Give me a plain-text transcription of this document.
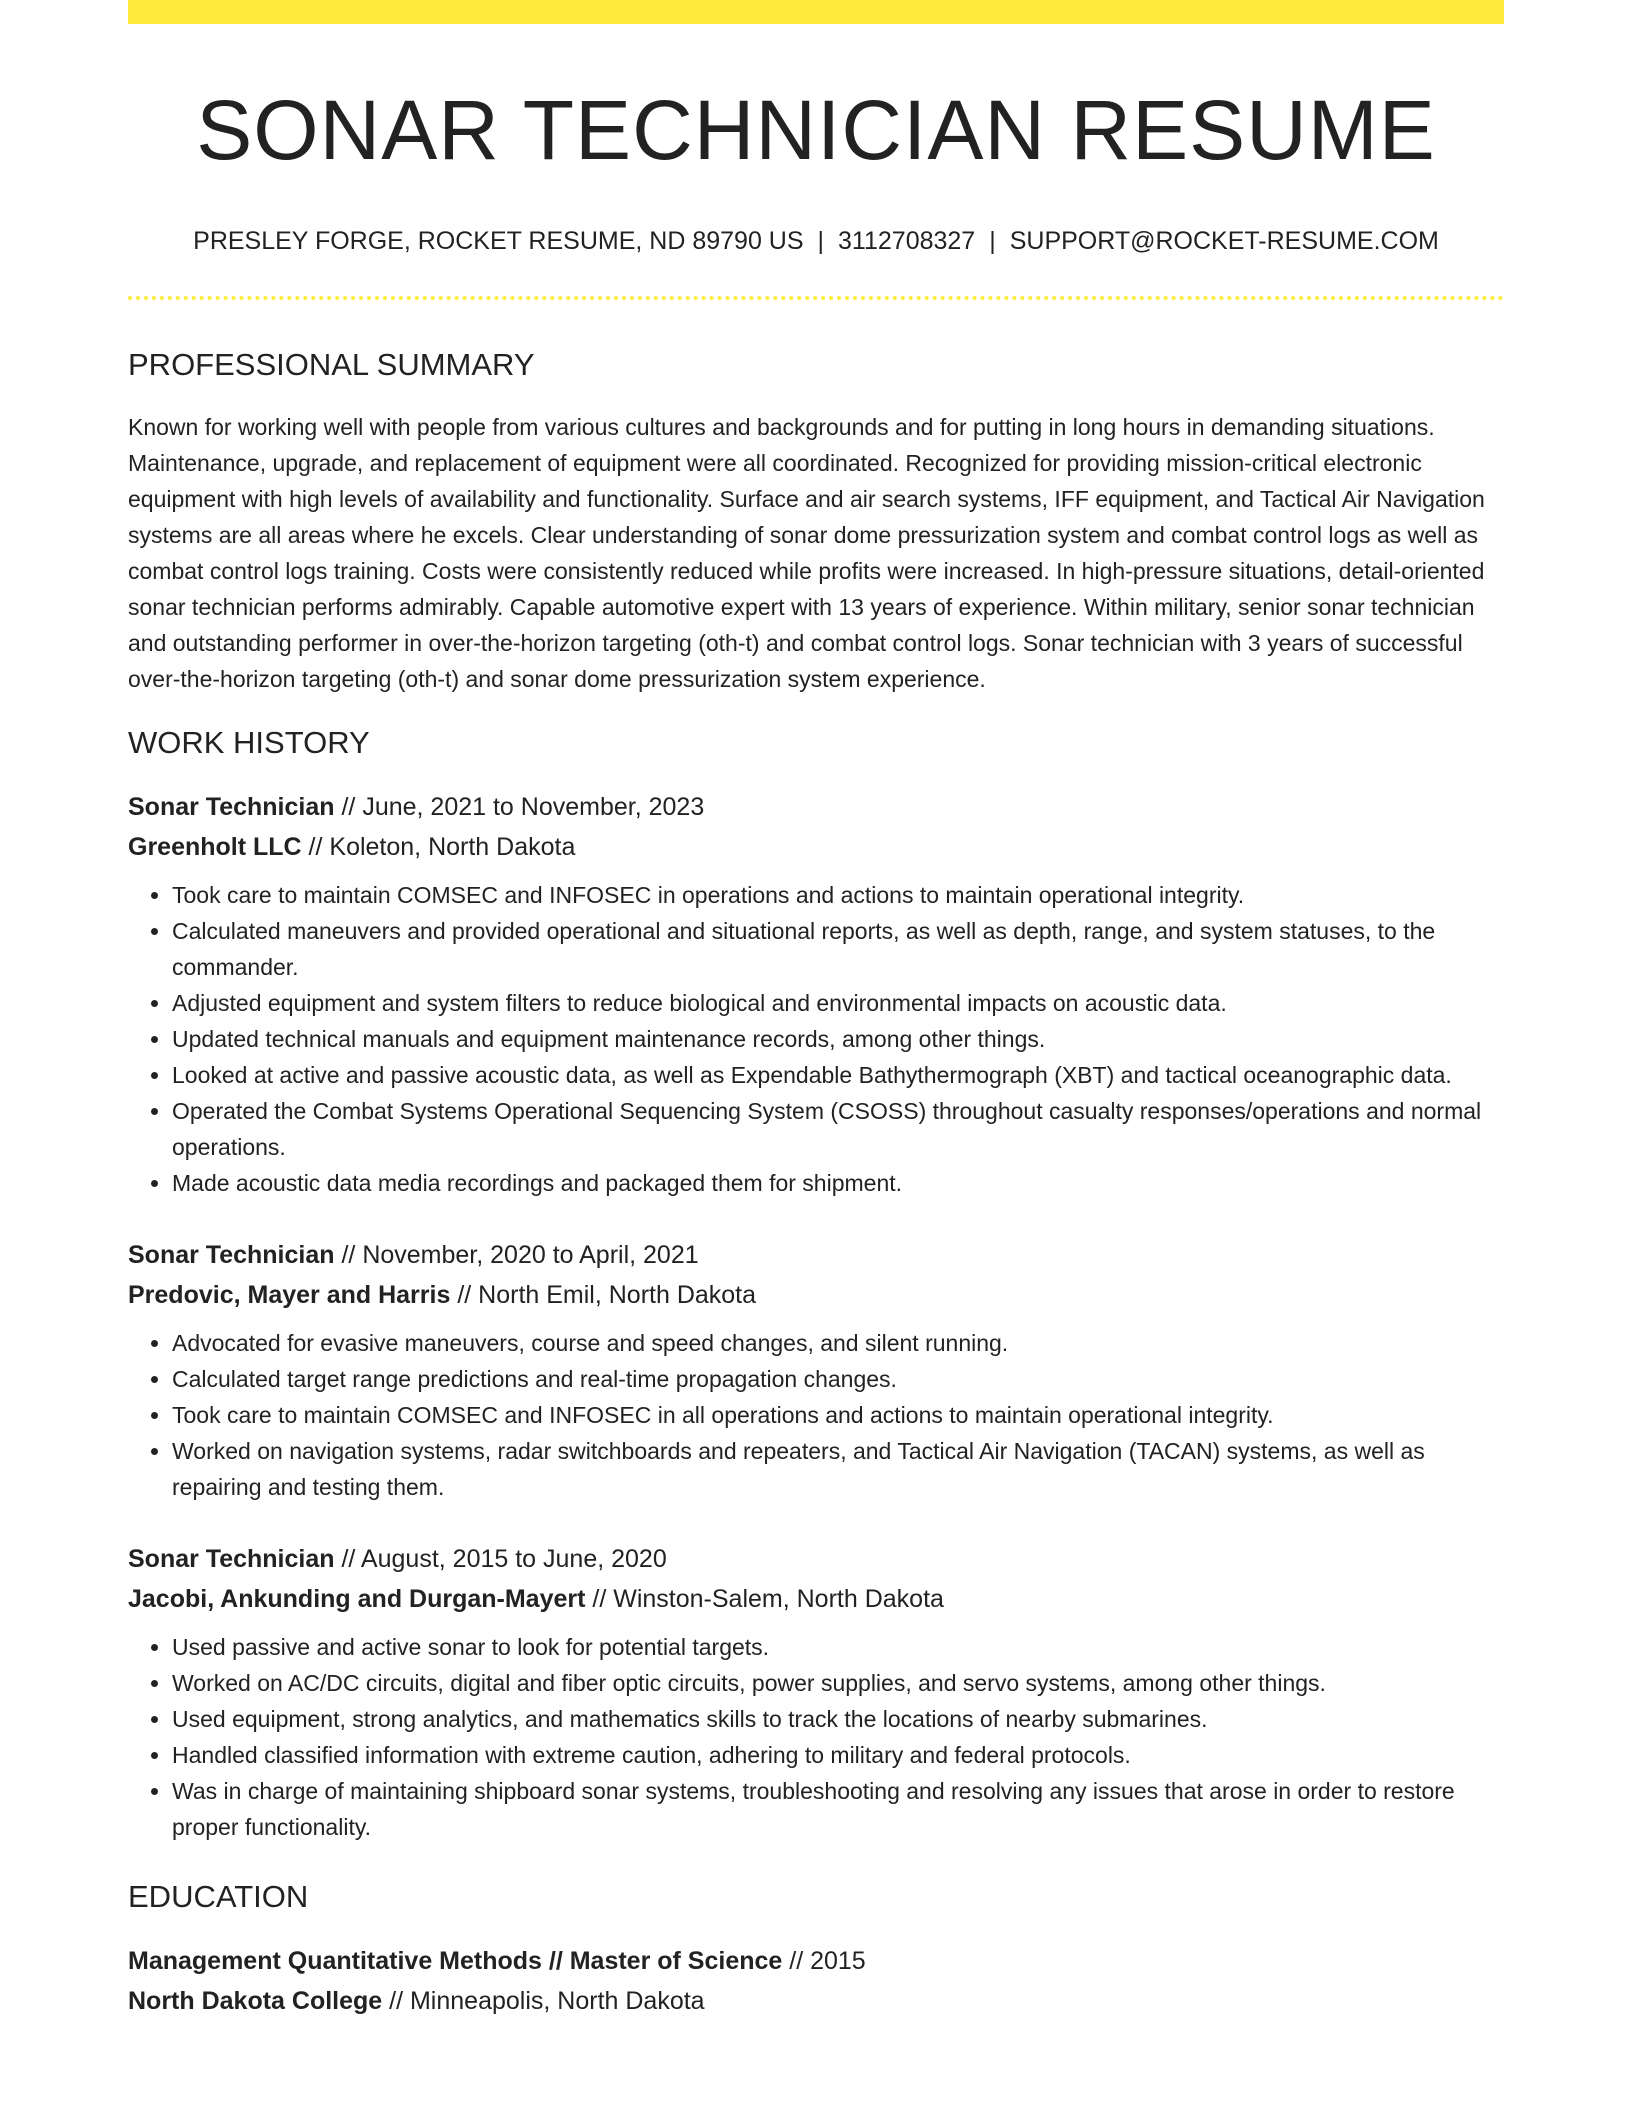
SONAR TECHNICIAN RESUME
PRESLEY FORGE, ROCKET RESUME, ND 89790 US | 3112708327 | SUPPORT@ROCKET-RESUME.COM
PROFESSIONAL SUMMARY
Known for working well with people from various cultures and backgrounds and for putting in long hours in demanding situations. Maintenance, upgrade, and replacement of equipment were all coordinated. Recognized for providing mission-critical electronic equipment with high levels of availability and functionality. Surface and air search systems, IFF equipment, and Tactical Air Navigation systems are all areas where he excels. Clear understanding of sonar dome pressurization system and combat control logs as well as combat control logs training. Costs were consistently reduced while profits were increased. In high-pressure situations, detail-oriented sonar technician performs admirably. Capable automotive expert with 13 years of experience. Within military, senior sonar technician and outstanding performer in over-the-horizon targeting (oth-t) and combat control logs. Sonar technician with 3 years of successful over-the-horizon targeting (oth-t) and sonar dome pressurization system experience.
WORK HISTORY
Sonar Technician // June, 2021 to November, 2023
Greenholt LLC // Koleton, North Dakota
• Took care to maintain COMSEC and INFOSEC in operations and actions to maintain operational integrity.
• Calculated maneuvers and provided operational and situational reports, as well as depth, range, and system statuses, to the commander.
• Adjusted equipment and system filters to reduce biological and environmental impacts on acoustic data.
• Updated technical manuals and equipment maintenance records, among other things.
• Looked at active and passive acoustic data, as well as Expendable Bathythermograph (XBT) and tactical oceanographic data.
• Operated the Combat Systems Operational Sequencing System (CSOSS) throughout casualty responses/operations and normal operations.
• Made acoustic data media recordings and packaged them for shipment.
Sonar Technician // November, 2020 to April, 2021
Predovic, Mayer and Harris // North Emil, North Dakota
• Advocated for evasive maneuvers, course and speed changes, and silent running.
• Calculated target range predictions and real-time propagation changes.
• Took care to maintain COMSEC and INFOSEC in all operations and actions to maintain operational integrity.
• Worked on navigation systems, radar switchboards and repeaters, and Tactical Air Navigation (TACAN) systems, as well as repairing and testing them.
Sonar Technician // August, 2015 to June, 2020
Jacobi, Ankunding and Durgan-Mayert // Winston-Salem, North Dakota
• Used passive and active sonar to look for potential targets.
• Worked on AC/DC circuits, digital and fiber optic circuits, power supplies, and servo systems, among other things.
• Used equipment, strong analytics, and mathematics skills to track the locations of nearby submarines.
• Handled classified information with extreme caution, adhering to military and federal protocols.
• Was in charge of maintaining shipboard sonar systems, troubleshooting and resolving any issues that arose in order to restore proper functionality.
EDUCATION
Management Quantitative Methods // Master of Science // 2015
North Dakota College // Minneapolis, North Dakota
